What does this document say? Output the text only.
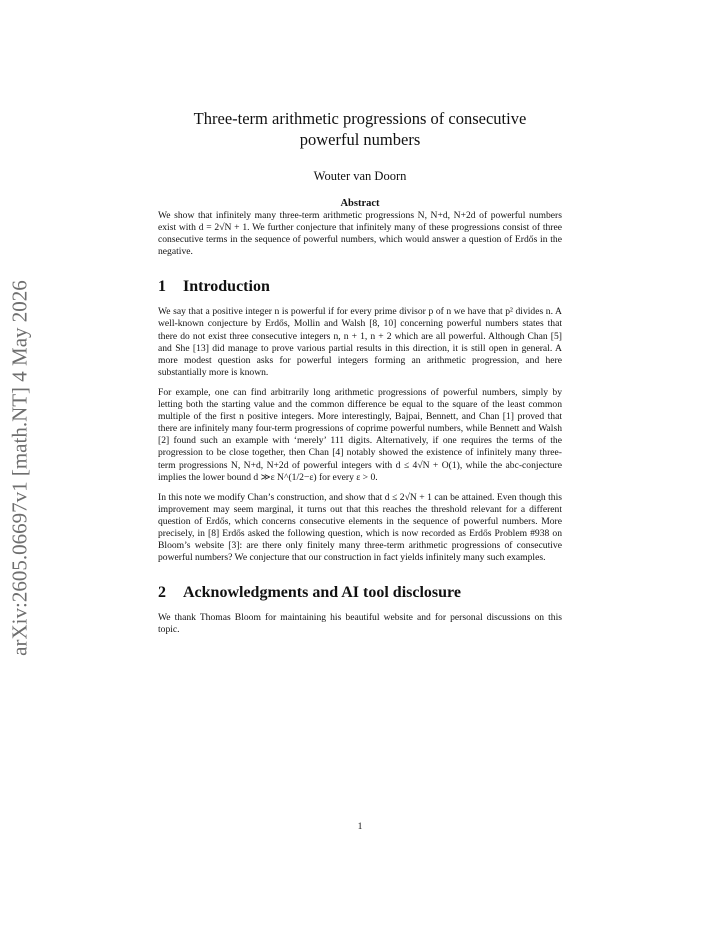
arXiv:2605.06697v1 [math.NT] 4 May 2026
Three-term arithmetic progressions of consecutive
powerful numbers
Wouter van Doorn
Abstract

We show that infinitely many three-term arithmetic progressions N, N+d, N+2d of powerful numbers exist with d = 2√N + 1. We further conjecture that infinitely many of these progressions consist of three consecutive terms in the sequence of powerful numbers, which would answer a question of Erdős in the negative.

1 Introduction

We say that a positive integer n is powerful if for every prime divisor p of n we have that p² divides n. A well-known conjecture by Erdős, Mollin and Walsh [8, 10] concerning powerful numbers states that there do not exist three consecutive integers n, n + 1, n + 2 which are all powerful. Although Chan [5] and She [13] did manage to prove various partial results in this direction, it is still open in general. A more modest question asks for powerful integers forming an arithmetic progression, and here substantially more is known.

For example, one can find arbitrarily long arithmetic progressions of powerful numbers, simply by letting both the starting value and the common difference be equal to the square of the least common multiple of the first n positive integers. More interestingly, Bajpai, Bennett, and Chan [1] proved that there are infinitely many four-term progressions of coprime powerful numbers, while Bennett and Walsh [2] found such an example with ‘merely’ 111 digits. Alternatively, if one requires the terms of the progression to be close together, then Chan [4] notably showed the existence of infinitely many three-term progressions N, N+d, N+2d of powerful integers with d ≤ 4√N + O(1), while the abc-conjecture implies the lower bound d ≫ε N^(1/2−ε) for every ε > 0.

In this note we modify Chan’s construction, and show that d ≤ 2√N + 1 can be attained. Even though this improvement may seem marginal, it turns out that this reaches the threshold relevant for a different question of Erdős, which concerns consecutive elements in the sequence of powerful numbers. More precisely, in [8] Erdős asked the following question, which is now recorded as Erdős Problem #938 on Bloom’s website [3]: are there only finitely many three-term arithmetic progressions of consecutive powerful numbers? We conjecture that our construction in fact yields infinitely many such examples.

2 Acknowledgments and AI tool disclosure

We thank Thomas Bloom for maintaining his beautiful website and for personal discussions on this topic.

1
